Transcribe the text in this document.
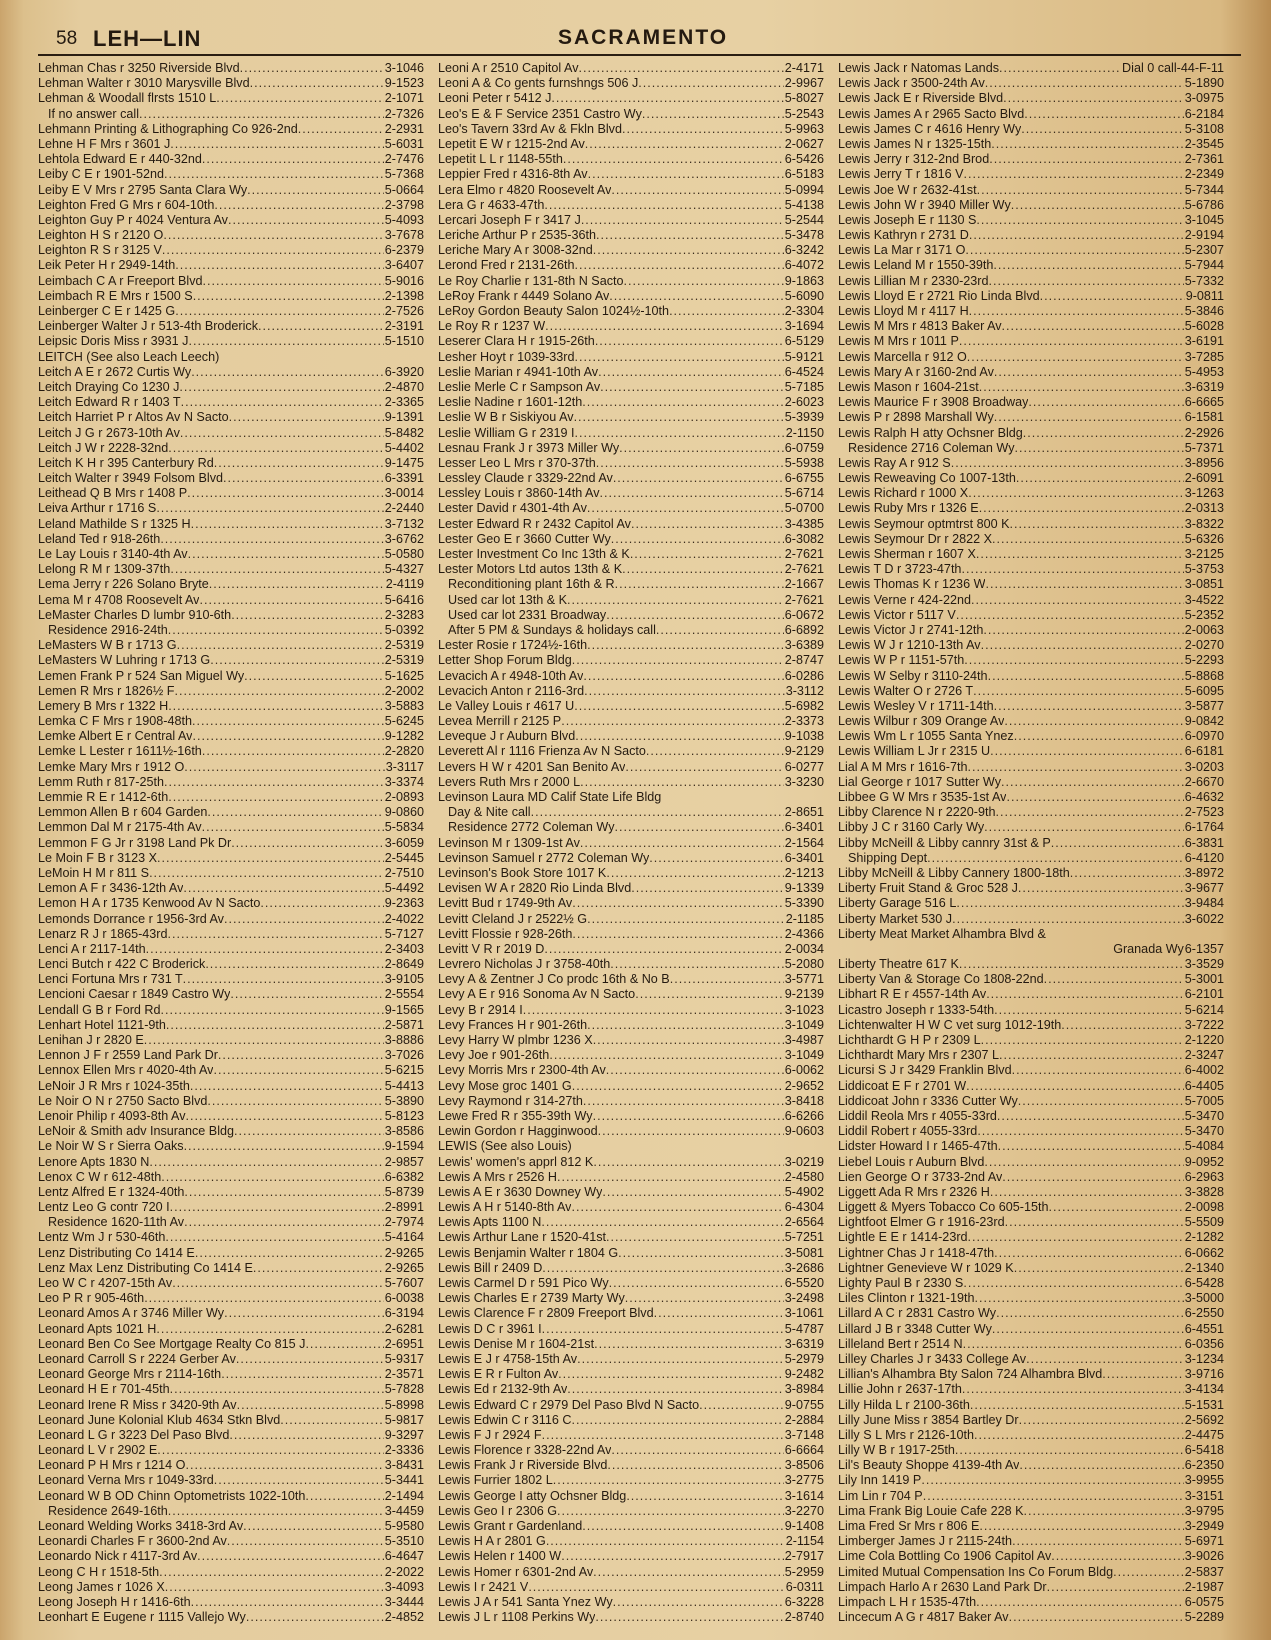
58 LEH—LIN	SACRAMENTO
Lehman Chas r 3250 Riverside Blvd .....	3-1046
Lehman Walter r 3010 Marysville Blvd .....	9-1523
Lehman & Woodall flrsts 1510 L .....	2-1071
If no answer call .....	2-7326
Lehmann Printing & Lithographing Co 926-2nd .....	2-2931
Lehne H F Mrs r 3601 J .....	5-6031
Lehtola Edward E r 440-32nd .....	2-7476
Leiby C E r 1901-52nd .....	5-7368
Leiby E V Mrs r 2795 Santa Clara Wy .....	5-0664
Leighton Fred G Mrs r 604-10th .....	2-3798
Leighton Guy P r 4024 Ventura Av .....	5-4093
Leighton H S r 2120 O .....	3-7678
Leighton R S r 3125 V .....	6-2379
Leik Peter H r 2949-14th .....	3-6407
Leimbach C A r Freeport Blvd .....	5-9016
Leimbach R E Mrs r 1500 S .....	2-1398
Leinberger C E r 1425 G .....	2-7526
Leinberger Walter J r 513-4th Broderick .....	2-3191
Leipsic Doris Miss r 3931 J .....	5-1510
LEITCH (See also Leach Leech)
Leitch A E r 2672 Curtis Wy .....	6-3920
Leitch Draying Co 1230 J .....	2-4870
Leitch Edward R r 1403 T .....	2-3365
Leitch Harriet P r Altos Av N Sacto .....	9-1391
Leitch J G r 2673-10th Av .....	5-8482
Leitch J W r 2228-32nd .....	5-4402
Leitch K H r 395 Canterbury Rd .....	9-1475
Leitch Walter r 3949 Folsom Blvd .....	6-3391
Leithead Q B Mrs r 1408 P .....	3-0014
Leiva Arthur r 1716 S .....	2-2440
Leland Mathilde S r 1325 H .....	3-7132
Leland Ted r 918-26th .....	3-6762
Le Lay Louis r 3140-4th Av .....	5-0580
Lelong R M r 1309-37th .....	5-4327
Lema Jerry r 226 Solano Bryte .....	2-4119
Lema M r 4708 Roosevelt Av .....	5-6416
LeMaster Charles D lumbr 910-6th .....	2-3283
Residence 2916-24th .....	5-0392
LeMasters W B r 1713 G .....	2-5319
LeMasters W Luhring r 1713 G .....	2-5319
Lemen Frank P r 524 San Miguel Wy .....	5-1625
Lemen R Mrs r 1826½ F .....	2-2002
Lemery B Mrs r 1322 H .....	3-5883
Lemka C F Mrs r 1908-48th .....	5-6245
Lemke Albert E r Central Av .....	9-1282
Lemke L Lester r 1611½-16th .....	2-2820
Lemke Mary Mrs r 1912 O .....	3-3117
Lemm Ruth r 817-25th .....	3-3374
Lemmie R E r 1412-6th .....	2-0893
Lemmon Allen B r 604 Garden .....	9-0860
Lemmon Dal M r 2175-4th Av .....	5-5834
Lemmon F G Jr r 3198 Land Pk Dr .....	3-6059
Le Moin F B r 3123 X .....	2-5445
LeMoin H M r 811 S .....	2-7510
Lemon A F r 3436-12th Av .....	5-4492
Lemon H A r 1735 Kenwood Av N Sacto .....	9-2363
Lemonds Dorrance r 1956-3rd Av .....	2-4022
Lenarz R J r 1865-43rd .....	5-7127
Lenci A r 2117-14th .....	2-3403
Lenci Butch r 422 C Broderick .....	2-8649
Lenci Fortuna Mrs r 731 T .....	3-9105
Lencioni Caesar r 1849 Castro Wy .....	2-5554
Lendall G B r Ford Rd .....	9-1565
Lenhart Hotel 1121-9th .....	2-5871
Lenihan J r 2820 E .....	3-8886
Lennon J F r 2559 Land Park Dr .....	3-7026
Lennox Ellen Mrs r 4020-4th Av .....	5-6215
LeNoir J R Mrs r 1024-35th .....	5-4413
Le Noir O N r 2750 Sacto Blvd .....	5-3890
Lenoir Philip r 4093-8th Av .....	5-8123
LeNoir & Smith adv Insurance Bldg .....	3-8586
Le Noir W S r Sierra Oaks .....	9-1594
Lenore Apts 1830 N .....	2-9857
Lenox C W r 612-48th .....	6-6382
Lentz Alfred E r 1324-40th .....	5-8739
Lentz Leo G contr 720 I .....	2-8991
Residence 1620-11th Av .....	2-7974
Lentz Wm J r 530-46th .....	5-4164
Lenz Distributing Co 1414 E .....	2-9265
Lenz Max Lenz Distributing Co 1414 E .....	2-9265
Leo W C r 4207-15th Av .....	5-7607
Leo P R r 905-46th .....	6-0038
Leonard Amos A r 3746 Miller Wy .....	6-3194
Leonard Apts 1021 H .....	2-6281
Leonard Ben Co See Mortgage Realty Co 815 J .....	2-6951
Leonard Carroll S r 2224 Gerber Av .....	5-9317
Leonard George Mrs r 2114-16th .....	2-3571
Leonard H E r 701-45th .....	5-7828
Leonard Irene R Miss r 3420-9th Av .....	5-8998
Leonard June Kolonial Klub 4634 Stkn Blvd .....	5-9817
Leonard L G r 3223 Del Paso Blvd .....	9-3297
Leonard L V r 2902 E .....	2-3336
Leonard P H Mrs r 1214 O .....	3-8431
Leonard Verna Mrs r 1049-33rd .....	5-3441
Leonard W B OD Chinn Optometrists 1022-10th .....	2-1494
Residence 2649-16th .....	3-4459
Leonard Welding Works 3418-3rd Av .....	5-9580
Leonardi Charles F r 3600-2nd Av .....	5-3510
Leonardo Nick r 4117-3rd Av .....	6-4647
Leong C H r 1518-5th .....	2-2022
Leong James r 1026 X .....	3-4093
Leong Joseph H r 1416-6th .....	3-3444
Leonhart E Eugene r 1115 Vallejo Wy .....	2-4852
Leoni A r 2510 Capitol Av .....	2-4171
Leoni A & Co gents furnshngs 506 J .....	2-9967
Leoni Peter r 5412 J .....	5-8027
Leo's E & F Service 2351 Castro Wy .....	5-2543
Leo's Tavern 33rd Av & Fkln Blvd .....	5-9963
Lepetit E W r 1215-2nd Av .....	2-0627
Lepetit L L r 1148-55th .....	6-5426
Leppier Fred r 4316-8th Av .....	6-5183
Lera Elmo r 4820 Roosevelt Av .....	5-0994
Lera G r 4633-47th .....	5-4138
Lercari Joseph F r 3417 J .....	5-2544
Leriche Arthur P r 2535-36th .....	5-3478
Leriche Mary A r 3008-32nd .....	6-3242
Lerond Fred r 2131-26th .....	6-4072
Le Roy Charlie r 131-8th N Sacto .....	9-1863
LeRoy Frank r 4449 Solano Av .....	5-6090
LeRoy Gordon Beauty Salon 1024½-10th .....	2-3304
Le Roy R r 1237 W .....	3-1694
Leserer Clara H r 1915-26th .....	6-5129
Lesher Hoyt r 1039-33rd .....	5-9121
Leslie Marian r 4941-10th Av .....	6-4524
Leslie Merle C r Sampson Av .....	5-7185
Leslie Nadine r 1601-12th .....	2-6023
Leslie W B r Siskiyou Av .....	5-3939
Leslie William G r 2319 I .....	2-1150
Lesnau Frank J r 3973 Miller Wy .....	6-0759
Lesser Leo L Mrs r 370-37th .....	5-5938
Lessley Claude r 3329-22nd Av .....	6-6755
Lessley Louis r 3860-14th Av .....	5-6714
Lester David r 4301-4th Av .....	5-0700
Lester Edward R r 2432 Capitol Av .....	3-4385
Lester Geo E r 3660 Cutter Wy .....	6-3082
Lester Investment Co Inc 13th & K .....	2-7621
Lester Motors Ltd autos 13th & K .....	2-7621
Reconditioning plant 16th & R .....	2-1667
Used car lot 13th & K .....	2-7621
Used car lot 2331 Broadway .....	6-0672
After 5 PM & Sundays & holidays call .....	6-6892
Lester Rosie r 1724½-16th .....	3-6389
Letter Shop Forum Bldg .....	2-8747
Levacich A r 4948-10th Av .....	6-0286
Levacich Anton r 2116-3rd .....	3-3112
Le Valley Louis r 4617 U .....	5-6982
Levea Merrill r 2125 P .....	2-3373
Leveque J r Auburn Blvd .....	9-1038
Leverett Al r 1116 Frienza Av N Sacto .....	9-2129
Levers H W r 4201 San Benito Av .....	6-0277
Levers Ruth Mrs r 2000 L .....	3-3230
Levinson Laura MD Calif State Life Bldg
Day & Nite call .....	2-8651
Residence 2772 Coleman Wy .....	6-3401
Levinson M r 1309-1st Av .....	2-1564
Levinson Samuel r 2772 Coleman Wy .....	6-3401
Levinson's Book Store 1017 K .....	2-1213
Levisen W A r 2820 Rio Linda Blvd .....	9-1339
Levitt Bud r 1749-9th Av .....	5-3390
Levitt Cleland J r 2522½ G .....	2-1185
Levitt Flossie r 928-26th .....	2-4366
Levitt V R r 2019 D .....	2-0034
Levrero Nicholas J r 3758-40th .....	5-2080
Levy A & Zentner J Co prodc 16th & No B .....	3-5771
Levy A E r 916 Sonoma Av N Sacto .....	9-2139
Levy B r 2914 I .....	3-1023
Levy Frances H r 901-26th .....	3-1049
Levy Harry W plmbr 1236 X .....	3-4987
Levy Joe r 901-26th .....	3-1049
Levy Morris Mrs r 2300-4th Av .....	6-0062
Levy Mose groc 1401 G .....	2-9652
Levy Raymond r 314-27th .....	3-8418
Lewe Fred R r 355-39th Wy .....	6-6266
Lewin Gordon r Hagginwood .....	9-0603
LEWIS (See also Louis)
Lewis' women's apprl 812 K .....	3-0219
Lewis A Mrs r 2526 H .....	2-4580
Lewis A E r 3630 Downey Wy .....	5-4902
Lewis A H r 5140-8th Av .....	6-4304
Lewis Apts 1100 N .....	2-6564
Lewis Arthur Lane r 1520-41st .....	5-7251
Lewis Benjamin Walter r 1804 G .....	3-5081
Lewis Bill r 2409 D .....	3-2686
Lewis Carmel D r 591 Pico Wy .....	6-5520
Lewis Charles E r 2739 Marty Wy .....	3-2498
Lewis Clarence F r 2809 Freeport Blvd .....	3-1061
Lewis D C r 3961 I .....	5-4787
Lewis Denise M r 1604-21st .....	3-6319
Lewis E J r 4758-15th Av .....	5-2979
Lewis E R r Fulton Av .....	9-2482
Lewis Ed r 2132-9th Av .....	3-8984
Lewis Edward C r 2979 Del Paso Blvd N Sacto .....	9-0755
Lewis Edwin C r 3116 C .....	2-2884
Lewis F J r 2924 F .....	3-7148
Lewis Florence r 3328-22nd Av .....	6-6664
Lewis Frank J r Riverside Blvd .....	3-8506
Lewis Furrier 1802 L .....	3-2775
Lewis George I atty Ochsner Bldg .....	3-1614
Lewis Geo I r 2306 G .....	3-2270
Lewis Grant r Gardenland .....	9-1408
Lewis H A r 2801 G .....	2-1154
Lewis Helen r 1400 W .....	2-7917
Lewis Homer r 6301-2nd Av .....	5-2959
Lewis I r 2421 V .....	6-0311
Lewis J A r 541 Santa Ynez Wy .....	6-3228
Lewis J L r 1108 Perkins Wy .....	2-8740
Lewis Jack r Natomas Lands .....	Dial 0 call-44-F-11
Lewis Jack r 3500-24th Av .....	5-1890
Lewis Jack E r Riverside Blvd .....	3-0975
Lewis James A r 2965 Sacto Blvd .....	6-2184
Lewis James C r 4616 Henry Wy .....	5-3108
Lewis James N r 1325-15th .....	2-3545
Lewis Jerry r 312-2nd Brod .....	2-7361
Lewis Jerry T r 1816 V .....	2-2349
Lewis Joe W r 2632-41st .....	5-7344
Lewis John W r 3940 Miller Wy .....	5-6786
Lewis Joseph E r 1130 S .....	3-1045
Lewis Kathryn r 2731 D .....	2-9194
Lewis La Mar r 3171 O .....	5-2307
Lewis Leland M r 1550-39th .....	5-7944
Lewis Lillian M r 2330-23rd .....	5-7332
Lewis Lloyd E r 2721 Rio Linda Blvd .....	9-0811
Lewis Lloyd M r 4117 H .....	5-3846
Lewis M Mrs r 4813 Baker Av .....	5-6028
Lewis M Mrs r 1011 P .....	3-6191
Lewis Marcella r 912 O .....	3-7285
Lewis Mary A r 3160-2nd Av .....	5-4953
Lewis Mason r 1604-21st .....	3-6319
Lewis Maurice F r 3908 Broadway .....	6-6665
Lewis P r 2898 Marshall Wy .....	6-1581
Lewis Ralph H atty Ochsner Bldg .....	2-2926
Residence 2716 Coleman Wy .....	5-7371
Lewis Ray A r 912 S .....	3-8956
Lewis Reweaving Co 1007-13th .....	2-6091
Lewis Richard r 1000 X .....	3-1263
Lewis Ruby Mrs r 1326 E .....	2-0313
Lewis Seymour optmtrst 800 K .....	3-8322
Lewis Seymour Dr r 2822 X .....	5-6326
Lewis Sherman r 1607 X .....	3-2125
Lewis T D r 3723-47th .....	5-3753
Lewis Thomas K r 1236 W .....	3-0851
Lewis Verne r 424-22nd .....	3-4522
Lewis Victor r 5117 V .....	5-2352
Lewis Victor J r 2741-12th .....	2-0063
Lewis W J r 1210-13th Av .....	2-0270
Lewis W P r 1151-57th .....	5-2293
Lewis W Selby r 3110-24th .....	5-8868
Lewis Walter O r 2726 T .....	5-6095
Lewis Wesley V r 1711-14th .....	3-5877
Lewis Wilbur r 309 Orange Av .....	9-0842
Lewis Wm L r 1055 Santa Ynez .....	6-0970
Lewis William L Jr r 2315 U .....	6-6181
Lial A M Mrs r 1616-7th .....	3-0203
Lial George r 1017 Sutter Wy .....	2-6670
Libbee G W Mrs r 3535-1st Av .....	6-4632
Libby Clarence N r 2220-9th .....	2-7523
Libby J C r 3160 Carly Wy .....	6-1764
Libby McNeill & Libby cannry 31st & P .....	6-3831
Shipping Dept .....	6-4120
Libby McNeill & Libby Cannery 1800-18th .....	3-8972
Liberty Fruit Stand & Groc 528 J .....	3-9677
Liberty Garage 516 L .....	3-9484
Liberty Market 530 J .....	3-6022
Liberty Meat Market Alhambra Blvd &
Granada Wy 6-1357
Liberty Theatre 617 K .....	3-3529
Liberty Van & Storage Co 1808-22nd .....	5-3001
Libhart R E r 4557-14th Av .....	6-2101
Licastro Joseph r 1333-54th .....	5-6214
Lichtenwalter H W C vet surg 1012-19th .....	3-7222
Lichthardt G H P r 2309 L .....	2-1220
Lichthardt Mary Mrs r 2307 L .....	2-3247
Licursi S J r 3429 Franklin Blvd .....	6-4002
Liddicoat E F r 2701 W .....	6-4405
Liddicoat John r 3336 Cutter Wy .....	5-7005
Liddil Reola Mrs r 4055-33rd .....	5-3470
Liddil Robert r 4055-33rd .....	5-3470
Lidster Howard I r 1465-47th .....	5-4084
Liebel Louis r Auburn Blvd .....	9-0952
Lien George O r 3733-2nd Av .....	6-2963
Liggett Ada R Mrs r 2326 H .....	3-3828
Liggett & Myers Tobacco Co 605-15th .....	2-0098
Lightfoot Elmer G r 1916-23rd .....	5-5509
Lightle E E r 1414-23rd .....	2-1282
Lightner Chas J r 1418-47th .....	6-0662
Lightner Genevieve W r 1029 K .....	2-1340
Lighty Paul B r 2330 S .....	6-5428
Liles Clinton r 1321-19th .....	3-5000
Lillard A C r 2831 Castro Wy .....	6-2550
Lillard J B r 3348 Cutter Wy .....	6-4551
Lilleland Bert r 2514 N .....	6-0356
Lilley Charles J r 3433 College Av .....	3-1234
Lillian's Alhambra Bty Salon 724 Alhambra Blvd .....	3-9716
Lillie John r 2637-17th .....	3-4134
Lilly Hilda L r 2100-36th .....	5-1531
Lilly June Miss r 3854 Bartley Dr .....	2-5692
Lilly S L Mrs r 2126-10th .....	2-4475
Lilly W B r 1917-25th .....	6-5418
Lil's Beauty Shoppe 4139-4th Av .....	6-2350
Lily Inn 1419 P .....	3-9955
Lim Lin r 704 P .....	3-3151
Lima Frank Big Louie Cafe 228 K .....	3-9795
Lima Fred Sr Mrs r 806 E .....	3-2949
Limberger James J r 2115-24th .....	5-6971
Lime Cola Bottling Co 1906 Capitol Av .....	3-9026
Limited Mutual Compensation Ins Co Forum Bldg .....	2-5837
Limpach Harlo A r 2630 Land Park Dr .....	2-1987
Limpach L H r 1535-47th .....	6-0575
Lincecum A G r 4817 Baker Av .....	5-2289
